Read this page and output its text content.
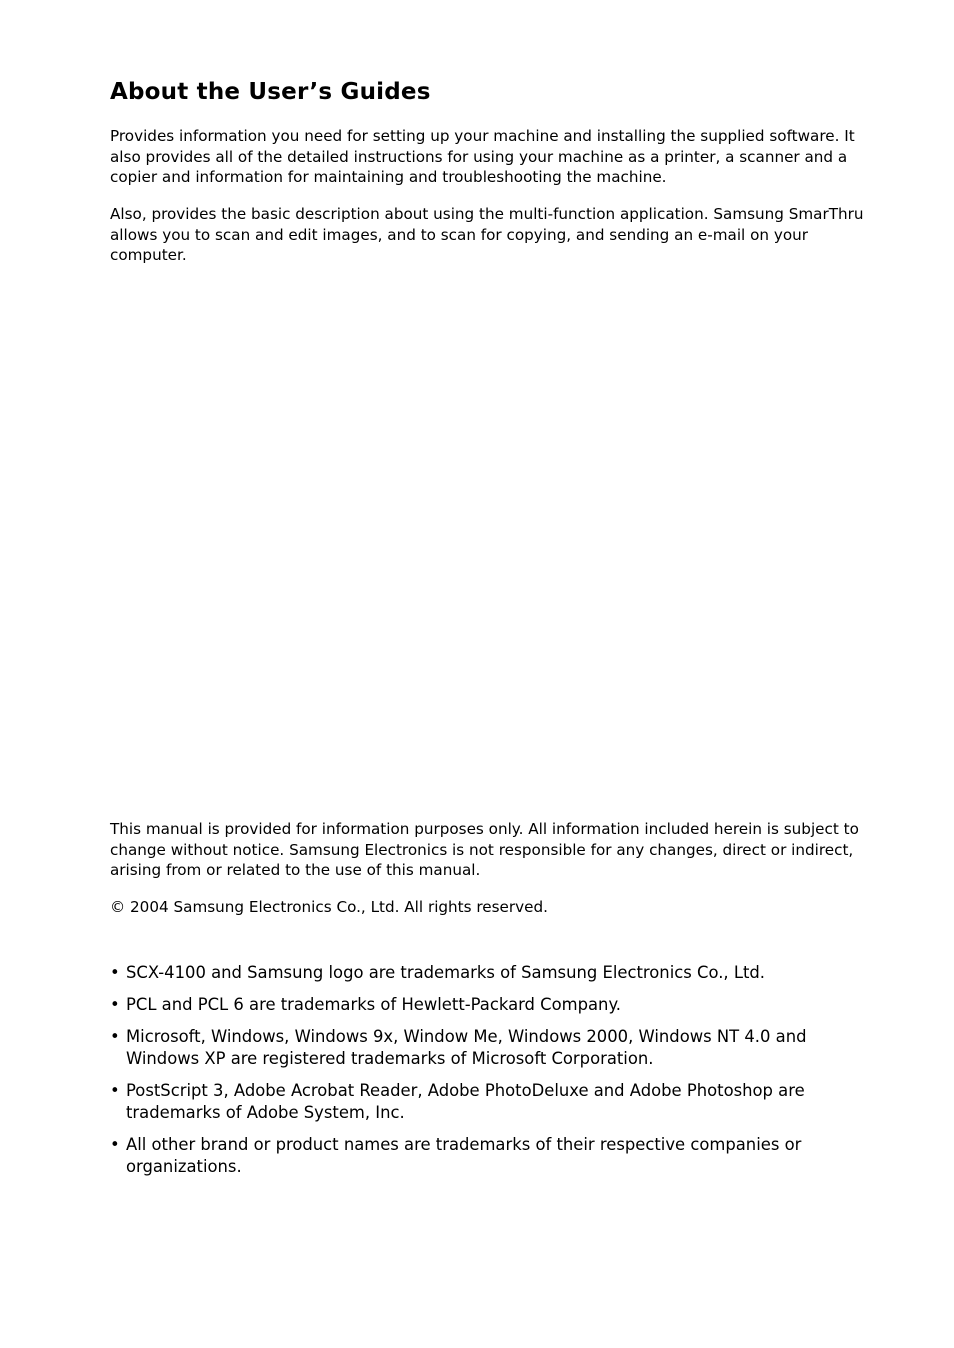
About the User’s Guides

Provides information you need for setting up your machine and installing the supplied software. It also provides all of the detailed instructions for using your machine as a printer, a scanner and a copier and information for maintaining and troubleshooting the machine.

Also, provides the basic description about using the multi-function application. Samsung SmarThru allows you to scan and edit images, and to scan for copying, and sending an e-mail on your computer.

This manual is provided for information purposes only. All information included herein is subject to change without notice. Samsung Electronics is not responsible for any changes, direct or indirect, arising from or related to the use of this manual.

© 2004 Samsung Electronics Co., Ltd. All rights reserved.

• SCX-4100 and Samsung logo are trademarks of Samsung Electronics Co., Ltd.
• PCL and PCL 6 are trademarks of Hewlett-Packard Company.
• Microsoft, Windows, Windows 9x, Window Me, Windows 2000, Windows NT 4.0 and Windows XP are registered trademarks of Microsoft Corporation.
• PostScript 3, Adobe Acrobat Reader, Adobe PhotoDeluxe and Adobe Photoshop are trademarks of Adobe System, Inc.
• All other brand or product names are trademarks of their respective companies or organizations.
